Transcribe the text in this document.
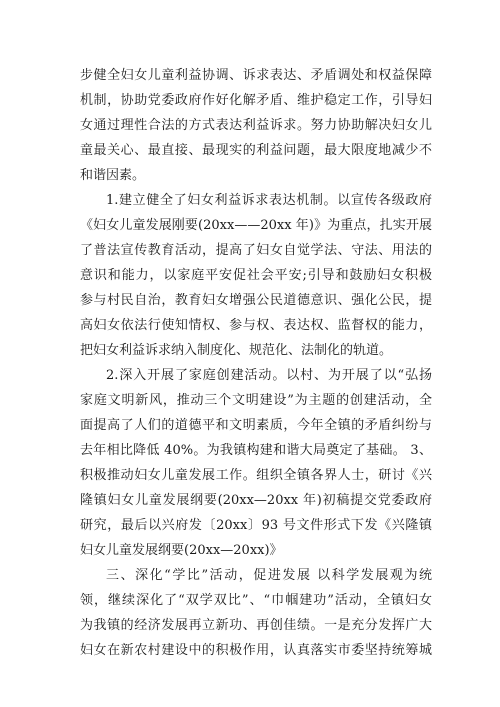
步健全妇女儿童利益协调、诉求表达、矛盾调处和权益保障
机制，协助党委政府作好化解矛盾、维护稳定工作，引导妇
女通过理性合法的方式表达利益诉求。努力协助解决妇女儿
童最关心、最直接、最现实的利益问题，最大限度地减少不
和谐因素。
1.建立健全了妇女利益诉求表达机制。以宣传各级政府
《妇女儿童发展刚要(20xx——20xx 年)》为重点，扎实开展
了普法宣传教育活动，提高了妇女自觉学法、守法、用法的
意识和能力，以家庭平安促社会平安;引导和鼓励妇女积极
参与村民自治，教育妇女增强公民道德意识、强化公民，提
高妇女依法行使知情权、参与权、表达权、监督权的能力，
把妇女利益诉求纳入制度化、规范化、法制化的轨道。
2.深入开展了家庭创建活动。以村、为开展了以“弘扬
家庭文明新风，推动三个文明建设”为主题的创建活动，全
面提高了人们的道德平和文明素质，今年全镇的矛盾纠纷与
去年相比降低 40%。为我镇构建和谐大局奠定了基础。 3、
积极推动妇女儿童发展工作。组织全镇各界人士，研讨《兴
隆镇妇女儿童发展纲要(20xx—20xx 年)初稿提交党委政府
研究，最后以兴府发〔20xx〕93 号文件形式下发《兴隆镇
妇女儿童发展纲要(20xx—20xx)》
三、深化“学比”活动，促进发展 以科学发展观为统
领，继续深化了“双学双比”、“巾帼建功”活动，全镇妇女
为我镇的经济发展再立新功、再创佳绩。一是充分发挥广大
妇女在新农村建设中的积极作用，认真落实市委坚持统筹城
